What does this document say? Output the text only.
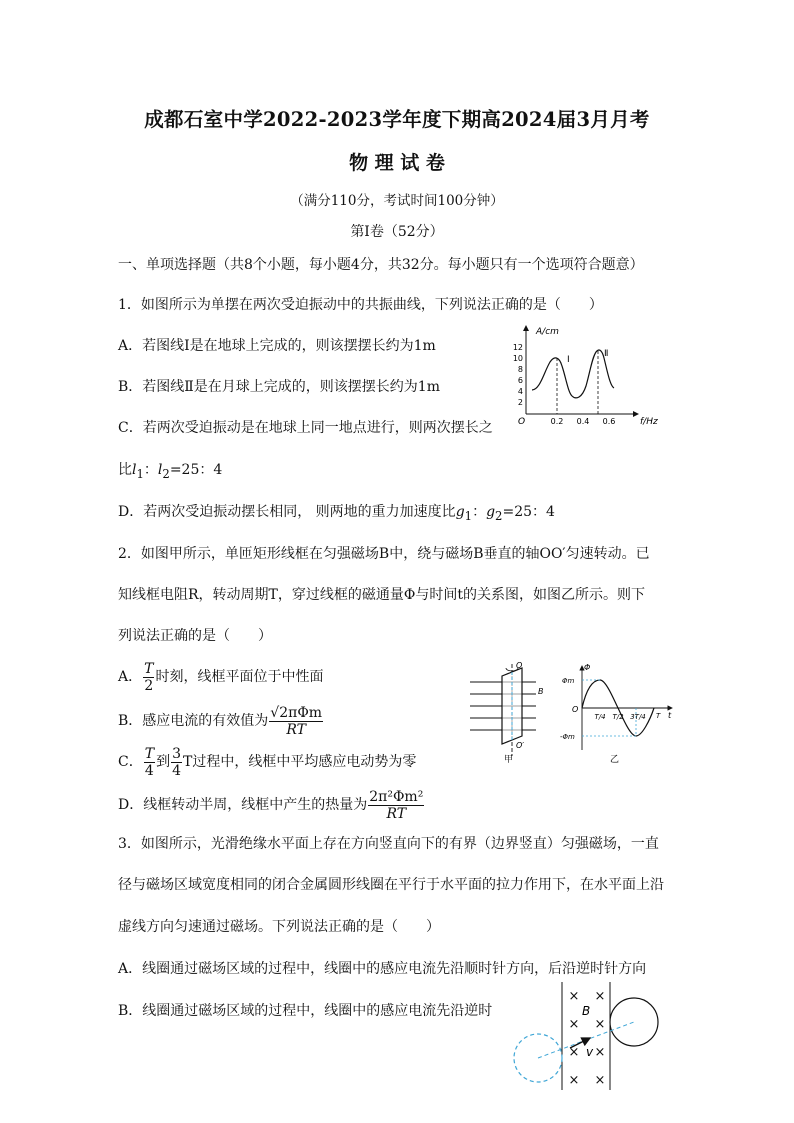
成都石室中学2022-2023学年度下期高2024届3月月考
物 理 试 卷
（满分110分，考试时间100分钟）
第Ⅰ卷（52分）
一、单项选择题（共8个小题，每小题4分，共32分。每小题只有一个选项符合题意）
1．如图所示为单摆在两次受迫振动中的共振曲线，下列说法正确的是（　　）
A．若图线Ⅰ是在地球上完成的，则该摆摆长约为1m
B．若图线Ⅱ是在月球上完成的，则该摆摆长约为1m
C．若两次受迫振动是在地球上同一地点进行，则两次摆长之
比$l_1$：$l_2=25$：4
D．若两次受迫振动摆长相同， 则两地的重力加速度比$g_1$：$g_2=25$：4
A/cm
f/Hz
O
12
10
8
6
4
2
0.2 0.4 0.6
Ⅰ
Ⅱ
2．如图甲所示，单匝矩形线框在匀强磁场B中，绕与磁场B垂直的轴OO′匀速转动。已
知线框电阻R，转动周期T，穿过线框的磁通量Φ与时间t的关系图，如图乙所示。则下
列说法正确的是（　　）
A． $\frac{T}{2}$ 时刻，线框平面位于中性面
B．感应电流的有效值为 $\frac{\text{√2πΦm}}{RT}$
C． $\frac{T}{4}$ 到 $\frac{3}{4}$ T过程中，线框中平均感应电动势为零
D．线框转动半周，线框中产生的热量为 $\frac{\text{2π²Φm²}}{RT}$
O
O′
B
甲
Φ
Φm
-Φm
O
t
T
T/4 T/2 3T/4
乙
3．如图所示，光滑绝缘水平面上存在方向竖直向下的有界（边界竖直）匀强磁场，一直
径与磁场区域宽度相同的闭合金属圆形线圈在平行于水平面的拉力作用下，在水平面上沿
虚线方向匀速通过磁场。下列说法正确的是（　　）
A．线圈通过磁场区域的过程中，线圈中的感应电流先沿顺时针方向，后沿逆时针方向
B．线圈通过磁场区域的过程中，线圈中的感应电流先沿逆时
× ×
× ×
× ×
× ×
B
v
